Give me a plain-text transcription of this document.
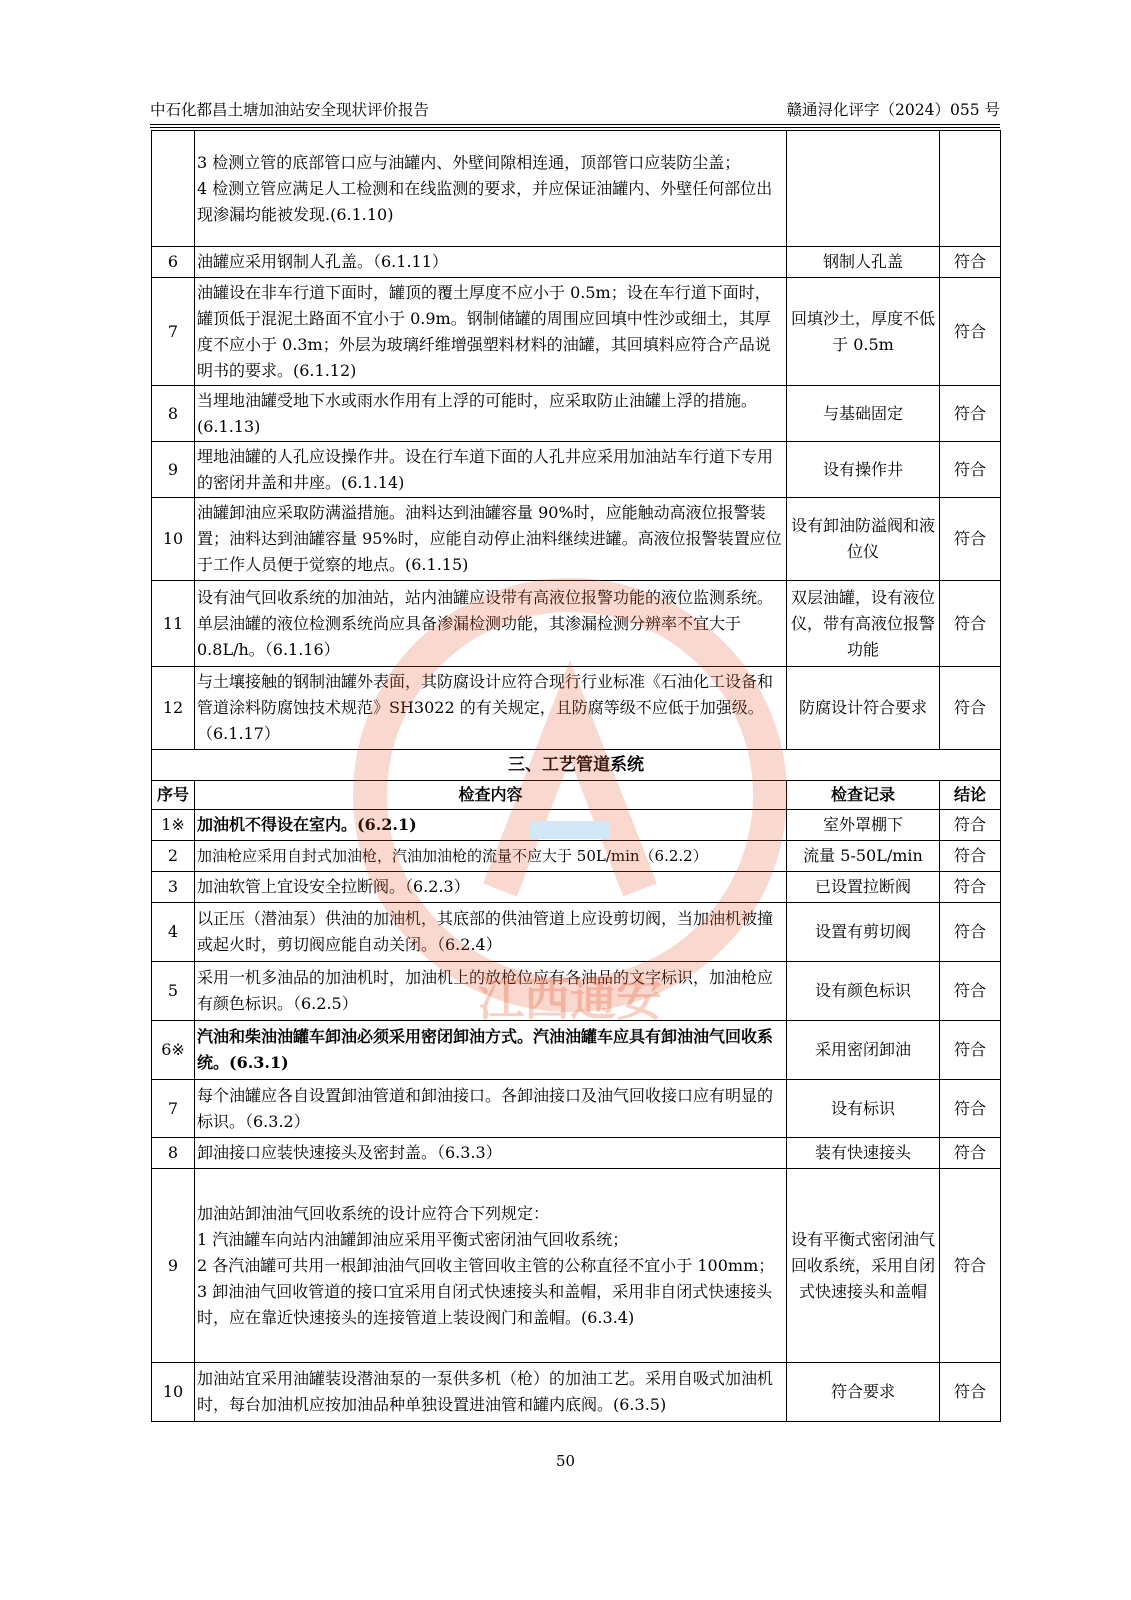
中石化都昌土塘加油站安全现状评价报告	赣通浔化评字（2024）055 号

	3 检测立管的底部管口应与油罐内、外壁间隙相连通，顶部管口应装防尘盖；
4 检测立管应满足人工检测和在线监测的要求，并应保证油罐内、外壁任何部位出现渗漏均能被发现.(6.1.10)		

6	油罐应采用钢制人孔盖。（6.1.11）	钢制人孔盖	符合
7	油罐设在非车行道下面时，罐顶的覆土厚度不应小于 0.5m；设在车行道下面时，罐顶低于混泥土路面不宜小于 0.9m。钢制储罐的周围应回填中性沙或细土，其厚度不应小于 0.3m；外层为玻璃纤维增强塑料材料的油罐，其回填料应符合产品说明书的要求。(6.1.12)	回填沙土，厚度不低于 0.5m	符合
8	当埋地油罐受地下水或雨水作用有上浮的可能时，应采取防止油罐上浮的措施。(6.1.13)	与基础固定	符合
9	埋地油罐的人孔应设操作井。设在行车道下面的人孔井应采用加油站车行道下专用的密闭井盖和井座。(6.1.14)	设有操作井	符合
10	油罐卸油应采取防满溢措施。油料达到油罐容量 90%时，应能触动高液位报警装置；油料达到油罐容量 95%时，应能自动停止油料继续进罐。高液位报警装置应位于工作人员便于觉察的地点。(6.1.15)	设有卸油防溢阀和液位仪	符合
11	设有油气回收系统的加油站，站内油罐应设带有高液位报警功能的液位监测系统。单层油罐的液位检测系统尚应具备渗漏检测功能，其渗漏检测分辨率不宜大于 0.8L/h。（6.1.16）	双层油罐，设有液位仪，带有高液位报警功能	符合
12	与土壤接触的钢制油罐外表面，其防腐设计应符合现行行业标准《石油化工设备和管道涂料防腐蚀技术规范》SH3022 的有关规定，且防腐等级不应低于加强级。（6.1.17）	防腐设计符合要求	符合
三、工艺管道系统			
序号	检查内容	检查记录	结论
1※	加油机不得设在室内。(6.2.1)	室外罩棚下	符合
2	加油枪应采用自封式加油枪，汽油加油枪的流量不应大于 50L/min（6.2.2）	流量 5-50L/min	符合
3	加油软管上宜设安全拉断阀。（6.2.3）	已设置拉断阀	符合
4	以正压（潜油泵）供油的加油机，其底部的供油管道上应设剪切阀，当加油机被撞或起火时，剪切阀应能自动关闭。（6.2.4）	设置有剪切阀	符合
5	采用一机多油品的加油机时，加油机上的放枪位应有各油品的文字标识，加油枪应有颜色标识。（6.2.5）	设有颜色标识	符合
6※	汽油和柴油油罐车卸油必须采用密闭卸油方式。汽油油罐车应具有卸油油气回收系统。(6.3.1)	采用密闭卸油	符合
7	每个油罐应各自设置卸油管道和卸油接口。各卸油接口及油气回收接口应有明显的标识。（6.3.2）	设有标识	符合
8	卸油接口应装快速接头及密封盖。（6.3.3）	装有快速接头	符合
9	加油站卸油油气回收系统的设计应符合下列规定：
1 汽油罐车向站内油罐卸油应采用平衡式密闭油气回收系统；
2 各汽油罐可共用一根卸油油气回收主管回收主管的公称直径不宜小于 100mm；
3 卸油油气回收管道的接口宜采用自闭式快速接头和盖帽，采用非自闭式快速接头时，应在靠近快速接头的连接管道上装设阀门和盖帽。(6.3.4)	设有平衡式密闭油气回收系统，采用自闭式快速接头和盖帽	符合
10	加油站宜采用油罐装设潜油泵的一泵供多机（枪）的加油工艺。采用自吸式加油机时，每台加油机应按加油品种单独设置进油管和罐内底阀。(6.3.5)	符合要求	符合
江西通安
50
